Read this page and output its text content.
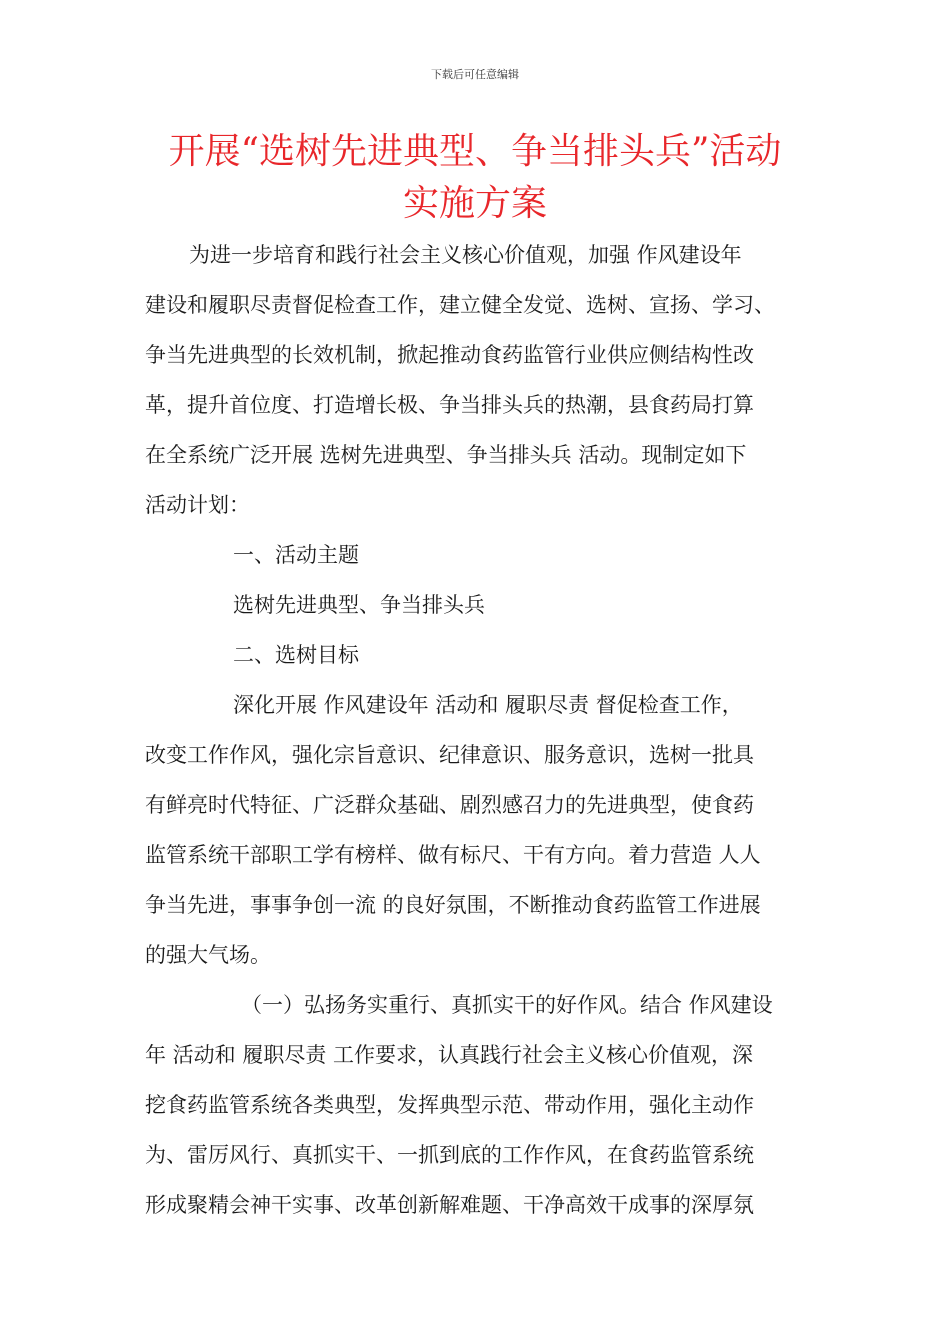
下载后可任意编辑
开展“选树先进典型、争当排头兵”活动
实施方案
为进一步培育和践行社会主义核心价值观，加强 作风建设年
建设和履职尽责督促检查工作，建立健全发觉、选树、宣扬、学习、
争当先进典型的长效机制，掀起推动食药监管行业供应侧结构性改
革，提升首位度、打造增长极、争当排头兵的热潮，县食药局打算
在全系统广泛开展 选树先进典型、争当排头兵 活动。现制定如下
活动计划：
一、活动主题
选树先进典型、争当排头兵
二、选树目标
深化开展 作风建设年 活动和 履职尽责 督促检查工作，
改变工作作风，强化宗旨意识、纪律意识、服务意识，选树一批具
有鲜亮时代特征、广泛群众基础、剧烈感召力的先进典型，使食药
监管系统干部职工学有榜样、做有标尺、干有方向。着力营造 人人
争当先进，事事争创一流 的良好氛围，不断推动食药监管工作进展
的强大气场。
（一）弘扬务实重行、真抓实干的好作风。结合 作风建设
年 活动和 履职尽责 工作要求，认真践行社会主义核心价值观，深
挖食药监管系统各类典型，发挥典型示范、带动作用，强化主动作
为、雷厉风行、真抓实干、一抓到底的工作作风，在食药监管系统
形成聚精会神干实事、改革创新解难题、干净高效干成事的深厚氛
